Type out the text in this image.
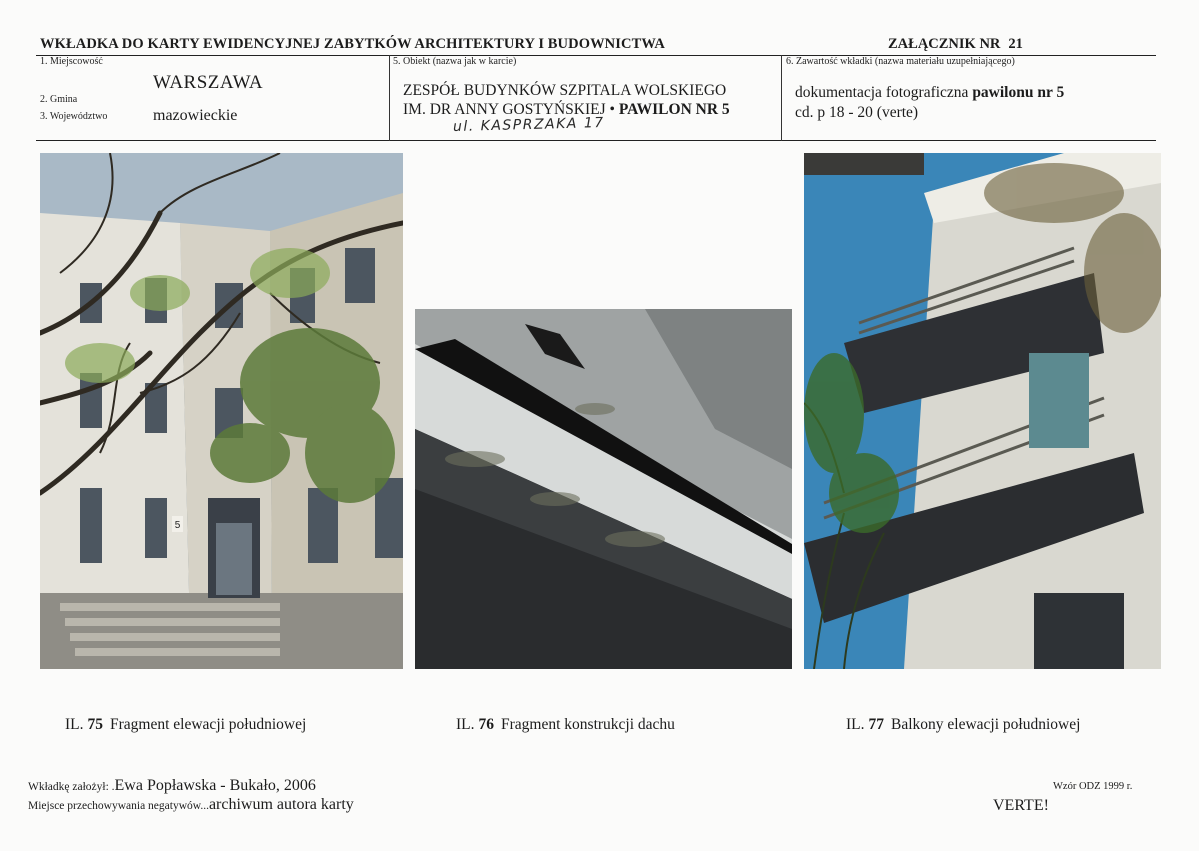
WKŁADKA DO KARTY EWIDENCYJNEJ ZABYTKÓW ARCHITEKTURY I BUDOWNICTWA	ZAŁĄCZNIK NR 21
1. Miejscowość
WARSZAWA
2. Gmina
3. Województwo	mazowieckie
5. Obiekt (nazwa jak w karcie)
ZESPÓŁ BUDYNKÓW SZPITALA WOLSKIEGO
IM. DR ANNY GOSTYŃSKIEJ • PAWILON NR 5
ul. KASPRZAKA 17
6. Zawartość wkładki (nazwa materiału uzupełniającego)
dokumentacja fotograficzna pawilonu nr 5
cd. p 18 - 20 (verte)
5
IL. 75 Fragment elewacji południowej	IL. 76 Fragment konstrukcji dachu	IL. 77 Balkony elewacji południowej
Wkładkę założył: .Ewa Popławska - Bukało, 2006
Miejsce przechowywania negatywów...archiwum autora karty
Wzór ODZ 1999 r.
VERTE!
